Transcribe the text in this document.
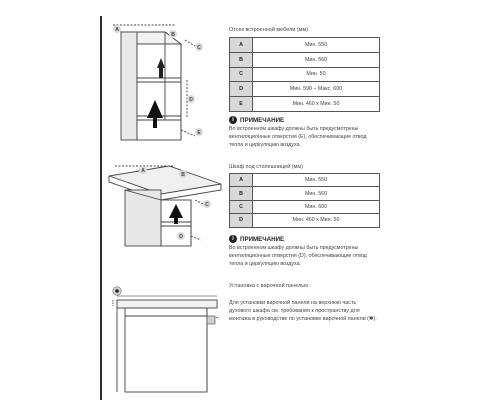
A
B
C
D
E
Отсек встроенной мебели (мм)
A	Мин. 550
B	Мин. 560
C	Мин. 50
D	Мин. 590 – Макс. 600
E	Мин. 460 x Мин. 50
i ПРИМЕЧАНИЕ
Во встроенном шкафу должны быть предусмотрены вентиляционные отверстия (E), обеспечивающие отвод тепла и циркуляцию воздуха.
A
B
C
D
Шкаф под столешницей (мм)
A	Мин. 550
B	Мин. 560
C	Мин. 600
D	Мин. 460 x Мин. 50
i ПРИМЕЧАНИЕ
Во встроенном шкафу должны быть предусмотрены вентиляционные отверстия (D), обеспечивающие отвод тепла и циркуляцию воздуха.
✱
Установка с варочной панелью
Для установки варочной панели на верхнюю часть духового шкафа см. требования к пространству для монтажа в руководстве по установке варочной панели (✱).
